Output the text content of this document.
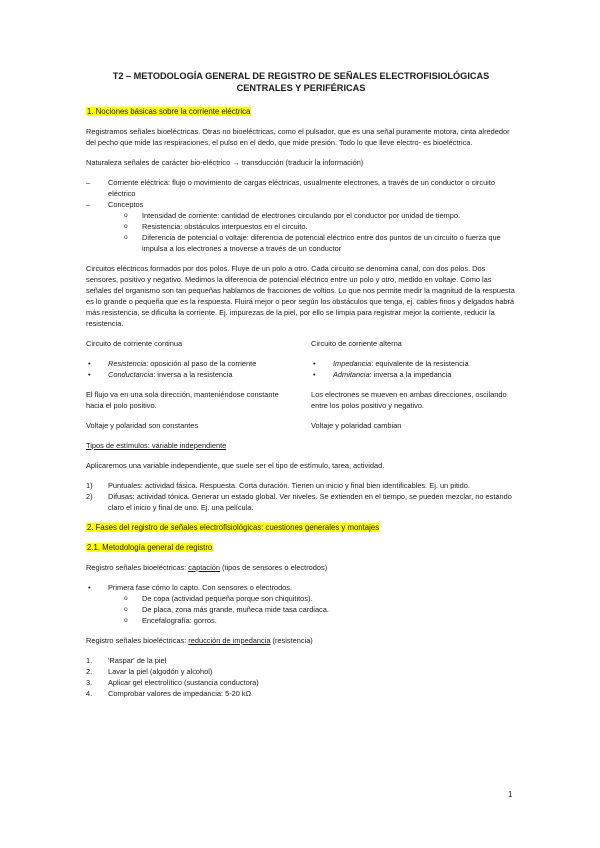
T2 – METODOLOGÍA GENERAL DE REGISTRO DE SEÑALES ELECTROFISIOLÓGICAS CENTRALES Y PERIFÉRICAS
1. Nociones básicas sobre la corriente eléctrica

Registramos señales bioeléctricas. Otras no bioeléctricas, como el pulsador, que es una señal puramente motora, cinta alrededor del pecho que mide las respiraciones, el pulso en el dedo, que mide presión. Todo lo que lleve electro- es bioeléctrica.

Naturaleza señales de carácter bio-eléctrico → transducción (traducir la información)

– Corriente eléctrica: flujo o movimiento de cargas eléctricas, usualmente electrones, a través de un conductor o circuito eléctrico
– Conceptos
o Intensidad de corriente: cantidad de electrones circulando por el conductor por unidad de tiempo.
o Resistencia: obstáculos interpuestos en el circuito.
o Diferencia de potencial o voltaje: diferencia de potencial eléctrico entre dos puntos de un circuito o fuerza que impulsa a los electrones a moverse a través de un conductor

Circuitos eléctricos formados por dos polos. Fluye de un polo a otro. Cada circuito se denomina canal, con dos polos. Dos sensores, positivo y negativo. Medimos la diferencia de potencial eléctrico entre un polo y otro, medido en voltaje. Como las señales del organismo son tan pequeñas hablamos de fracciones de voltios. Lo que nos permite medir la magnitud de la respuesta es lo grande o pequeña que es la respuesta. Fluirá mejor o peor según los obstáculos que tenga, ej. cables finos y delgados habrá más resistencia, se dificulta la corriente. Ej. impurezas de la piel, por ello se limpia para registrar mejor la corriente, reducir la resistencia.

Circuito de corriente continua

• Resistencia: oposición al paso de la corriente
• Conductancia: inversa a la resistencia

El flujo va en una sola dirección, manteniéndose constante hacia el polo positivo.

Voltaje y polaridad son constantes

Circuito de corriente alterna

• Impedancia: equivalente de la resistencia
• Admitancia: inversa a la impedancia

Los electrones se mueven en ambas direcciones, oscilando entre los polos positivo y negativo.

Voltaje y polaridad cambian

Tipos de estímulos: variable independiente

Aplicaremos una variable independiente, que suele ser el tipo de estímulo, tarea, actividad.

1) Puntuales: actividad fásica. Respuesta. Corta duración. Tienen un inicio y final bien identificables. Ej. un pitido.
2) Difusas: actividad tónica. Generar un estado global. Ver niveles. Se extienden en el tiempo, se pueden mezclar, no estando claro el inicio y final de uno. Ej. una película.
2. Fases del registro de señales electrofisiológicas: cuestiones generales y montajes
2.1. Metodología general de registro

Registro señales bioeléctricas: captación (tipos de sensores o electrodos)

• Primera fase cómo lo capto. Con sensores o electrodos.
o De copa (actividad pequeña porque son chiquititos).
o De placa, zona más grande, muñeca mide tasa cardiaca.
o Encefalografía: gorros.

Registro señales bioeléctricas: reducción de impedancia (resistencia)

1. 'Raspar' de la piel
2. Lavar la piel (algodón y alcohol)
3. Aplicar gel electrolítico (sustancia conductora)
4. Comprobar valores de impedancia: 5-20 kΩ
1
